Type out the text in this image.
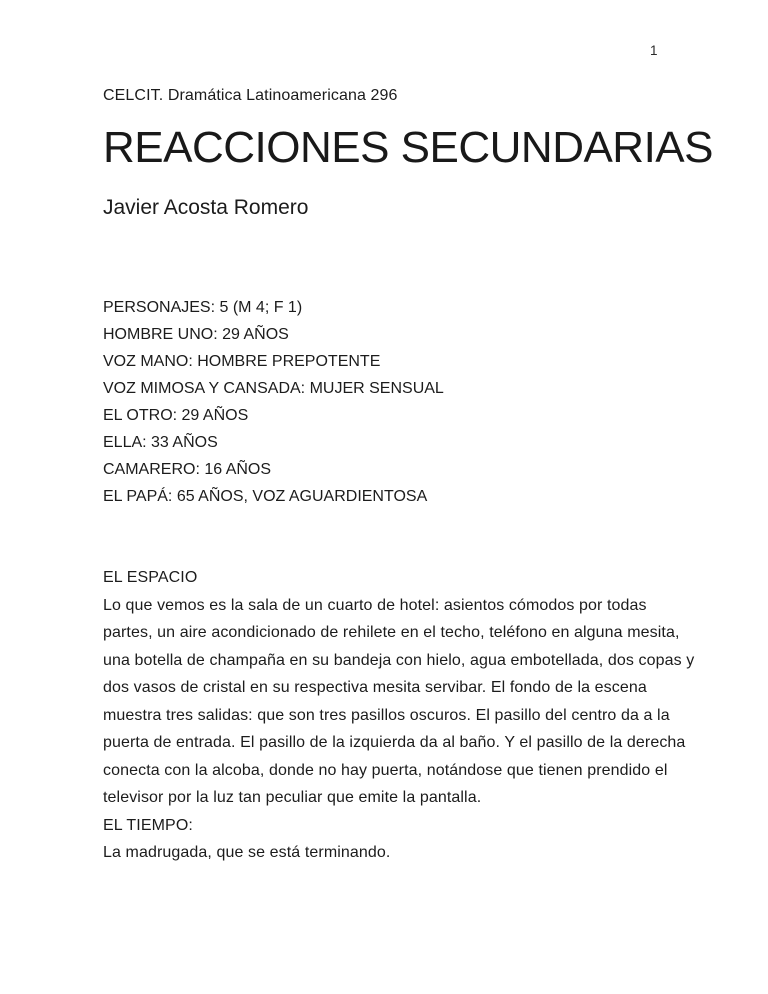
1
CELCIT. Dramática Latinoamericana 296
REACCIONES SECUNDARIAS
Javier Acosta Romero
PERSONAJES: 5 (M 4; F 1)
HOMBRE UNO: 29 AÑOS
VOZ MANO: HOMBRE PREPOTENTE
VOZ MIMOSA Y CANSADA: MUJER SENSUAL
EL OTRO: 29 AÑOS
ELLA: 33 AÑOS
CAMARERO: 16 AÑOS
EL PAPÁ: 65 AÑOS, VOZ AGUARDIENTOSA
EL ESPACIO
Lo que vemos es la sala de un cuarto de hotel: asientos cómodos por todas
partes, un aire acondicionado de rehilete en el techo, teléfono en alguna mesita,
una botella de champaña en su bandeja con hielo, agua embotellada, dos copas y
dos vasos de cristal en su respectiva mesita servibar. El fondo de la escena
muestra tres salidas: que son tres pasillos oscuros. El pasillo del centro da a la
puerta de entrada. El pasillo de la izquierda da al baño. Y el pasillo de la derecha
conecta con la alcoba, donde no hay puerta, notándose que tienen prendido el
televisor por la luz tan peculiar que emite la pantalla.
EL TIEMPO:
La madrugada, que se está terminando.
